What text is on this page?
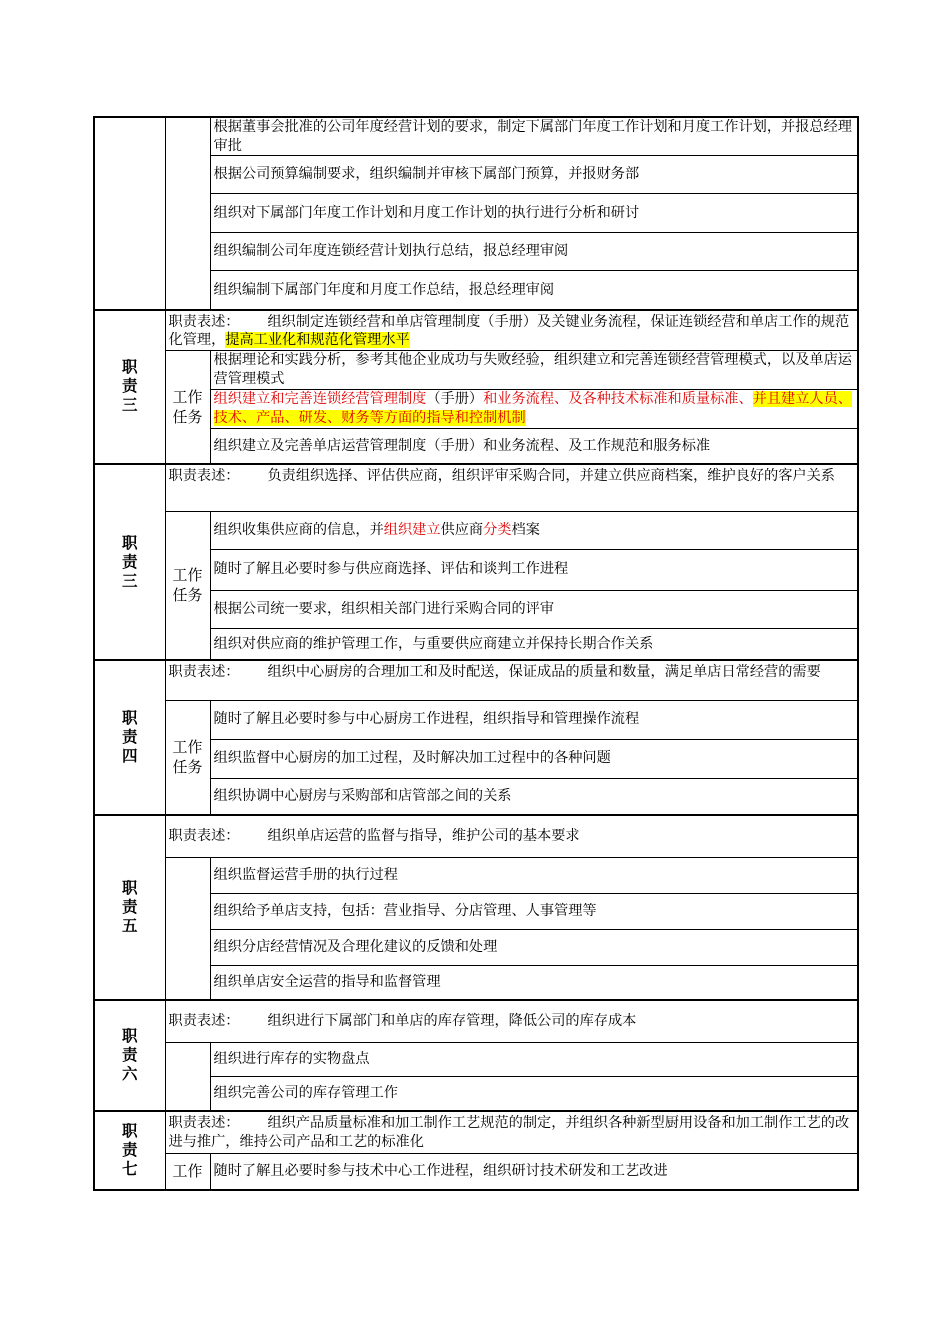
		根据董事会批准的公司年度经营计划的要求，制定下属部门年度工作计划和月度工作计划，并报总经理审批
		根据公司预算编制要求，组织编制并审核下属部门预算，并报财务部
		组织对下属部门年度工作计划和月度工作计划的执行进行分析和研讨
		组织编制公司年度连锁经营计划执行总结，报总经理审阅
		组织编制下属部门年度和月度工作总结，报总经理审阅

职
责
三	职责表述： 组织制定连锁经营和单店管理制度（手册）及关键业务流程，保证连锁经营和单店工作的规范化管理，提高工业化和规范化管理水平	

	工作
任务	根据理论和实践分析，参考其他企业成功与失败经验，组织建立和完善连锁经营管理模式，以及单店运营管理模式
		组织建立和完善连锁经营管理制度（手册）和业务流程、及各种技术标准和质量标准、并且建立人员、技术、产品、研发、财务等方面的指导和控制机制
		组织建立及完善单店运营管理制度（手册）和业务流程、及工作规范和服务标准

职
责
三	职责表述： 负责组织选择、评估供应商，组织评审采购合同，并建立供应商档案，维护良好的客户关系	

	工作
任务	组织收集供应商的信息，并组织建立供应商分类档案
		随时了解且必要时参与供应商选择、评估和谈判工作进程
		根据公司统一要求，组织相关部门进行采购合同的评审
		组织对供应商的维护管理工作，与重要供应商建立并保持长期合作关系

职
责
四	职责表述： 组织中心厨房的合理加工和及时配送，保证成品的质量和数量，满足单店日常经营的需要	

	工作
任务	随时了解且必要时参与中心厨房工作进程，组织指导和管理操作流程
		组织监督中心厨房的加工过程，及时解决加工过程中的各种问题
		组织协调中心厨房与采购部和店管部之间的关系

职
责
五	职责表述： 组织单店运营的监督与指导，维护公司的基本要求	
		组织监督运营手册的执行过程
		组织给予单店支持，包括：营业指导、分店管理、人事管理等
		组织分店经营情况及合理化建议的反馈和处理
		组织单店安全运营的指导和监督管理

职
责
六	职责表述： 组织进行下属部门和单店的库存管理，降低公司的库存成本	
		组织进行库存的实物盘点
		组织完善公司的库存管理工作

职
责
七	职责表述： 组织产品质量标准和加工制作工艺规范的制定，并组织各种新型厨用设备和加工制作工艺的改进与推广，维持公司产品和工艺的标准化	

	工作	随时了解且必要时参与技术中心工作进程，组织研讨技术研发和工艺改进
